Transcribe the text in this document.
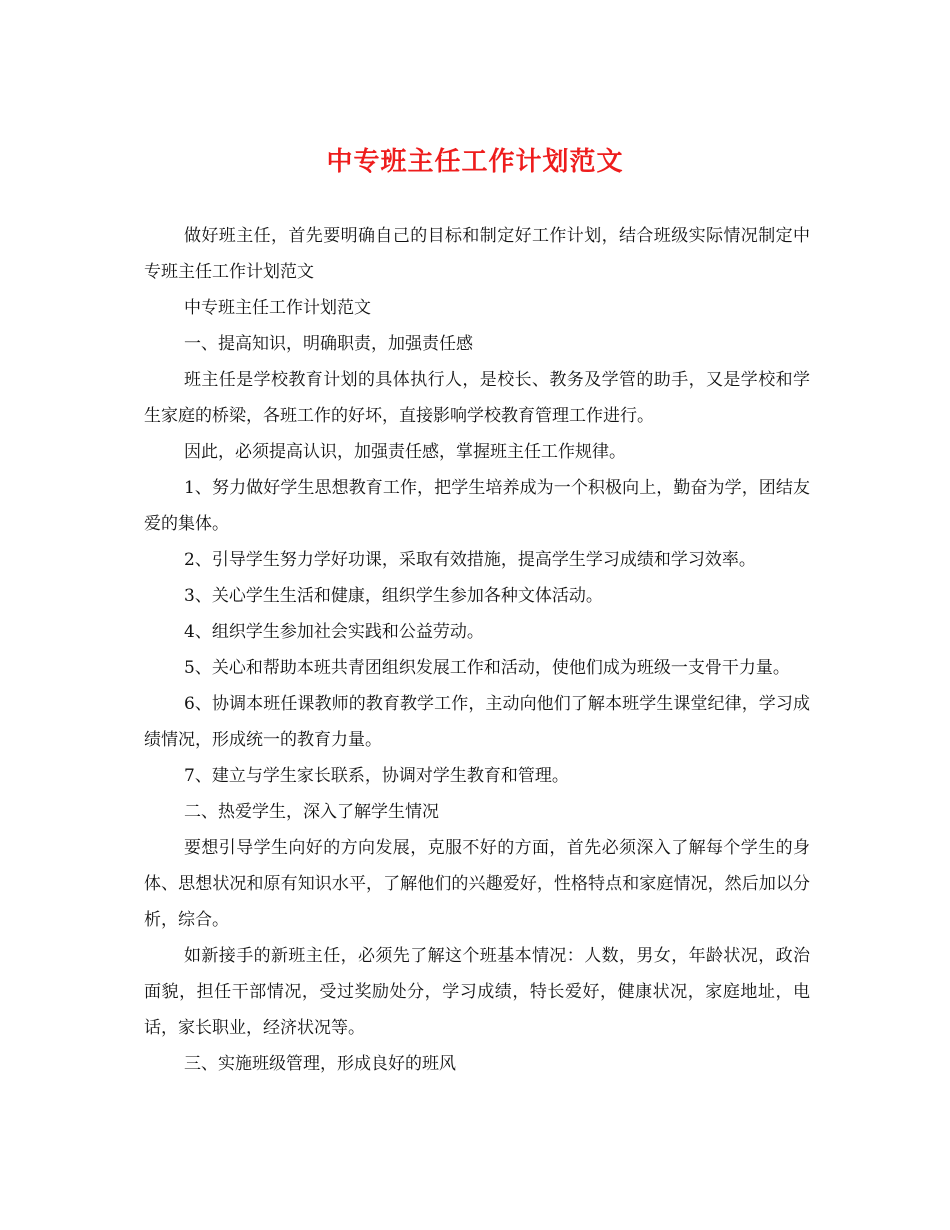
中专班主任工作计划范文

做好班主任，首先要明确自己的目标和制定好工作计划，结合班级实际情况制定中专班主任工作计划范文

中专班主任工作计划范文

一、提高知识，明确职责，加强责任感

班主任是学校教育计划的具体执行人，是校长、教务及学管的助手，又是学校和学生家庭的桥梁，各班工作的好坏，直接影响学校教育管理工作进行。

因此，必须提高认识，加强责任感，掌握班主任工作规律。

1、努力做好学生思想教育工作，把学生培养成为一个积极向上，勤奋为学，团结友爱的集体。

2、引导学生努力学好功课，采取有效措施，提高学生学习成绩和学习效率。

3、关心学生生活和健康，组织学生参加各种文体活动。

4、组织学生参加社会实践和公益劳动。

5、关心和帮助本班共青团组织发展工作和活动，使他们成为班级一支骨干力量。

6、协调本班任课教师的教育教学工作，主动向他们了解本班学生课堂纪律，学习成绩情况，形成统一的教育力量。

7、建立与学生家长联系，协调对学生教育和管理。

二、热爱学生，深入了解学生情况

要想引导学生向好的方向发展，克服不好的方面，首先必须深入了解每个学生的身体、思想状况和原有知识水平，了解他们的兴趣爱好，性格特点和家庭情况，然后加以分析，综合。

如新接手的新班主任，必须先了解这个班基本情况：人数，男女，年龄状况，政治面貌，担任干部情况，受过奖励处分，学习成绩，特长爱好，健康状况，家庭地址，电话，家长职业，经济状况等。

三、实施班级管理，形成良好的班风
